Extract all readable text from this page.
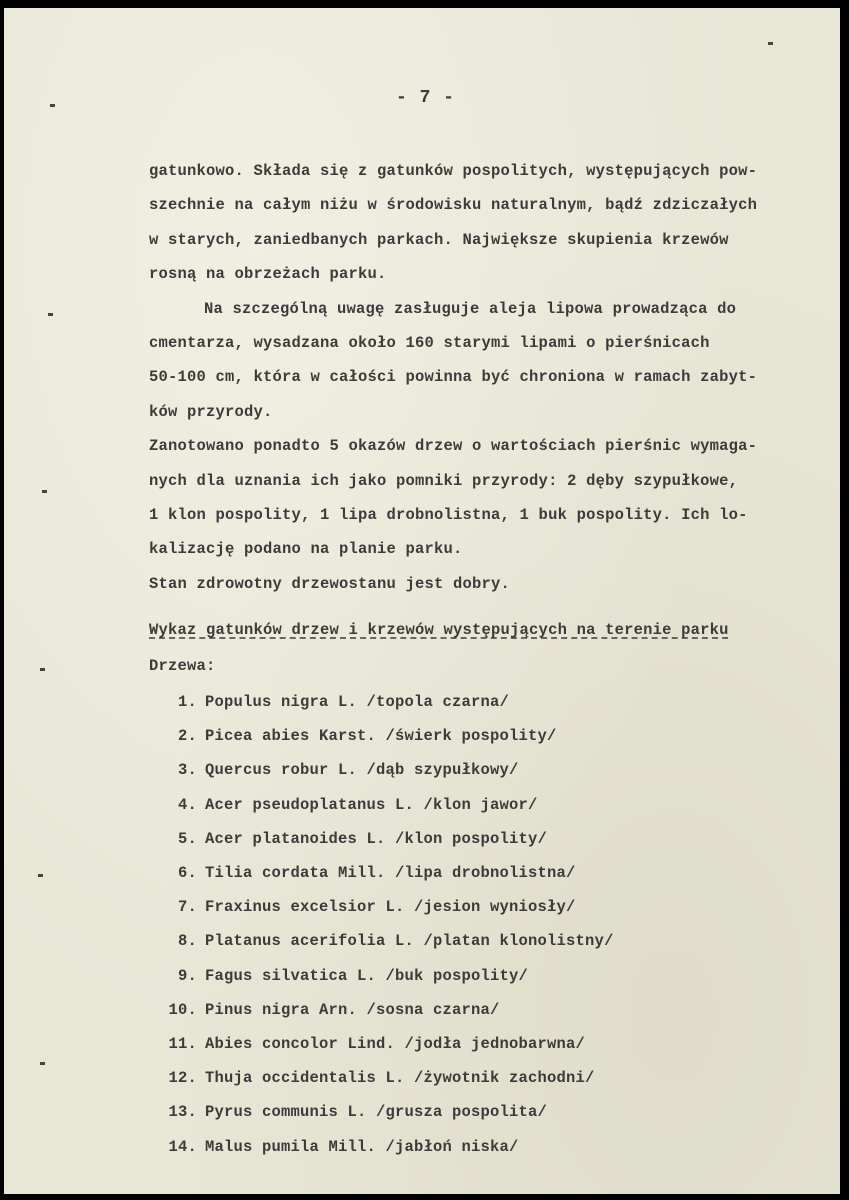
- 7 -
gatunkowo. Składa się z gatunków pospolitych, występujących pow-
szechnie na całym niżu w środowisku naturalnym, bądź zdziczałych
w starych, zaniedbanych parkach. Największe skupienia krzewów
rosną na obrzeżach parku.
Na szczególną uwagę zasługuje aleja lipowa prowadząca do
cmentarza, wysadzana około 160 starymi lipami o pierśnicach
50-100 cm, która w całości powinna być chroniona w ramach zabyt-
ków przyrody.
Zanotowano ponadto 5 okazów drzew o wartościach pierśnic wymaga-
nych dla uznania ich jako pomniki przyrody: 2 dęby szypułkowe,
1 klon pospolity, 1 lipa drobnolistna, 1 buk pospolity. Ich lo-
kalizację podano na planie parku.
Stan zdrowotny drzewostanu jest dobry.
Wykaz gatunków drzew i krzewów występujących na terenie parku
Drzewa:
1. Populus nigra L. /topola czarna/
2. Picea abies Karst. /świerk pospolity/
3. Quercus robur L. /dąb szypułkowy/
4. Acer pseudoplatanus L. /klon jawor/
5. Acer platanoides L. /klon pospolity/
6. Tilia cordata Mill. /lipa drobnolistna/
7. Fraxinus excelsior L. /jesion wyniosły/
8. Platanus acerifolia L. /platan klonolistny/
9. Fagus silvatica L. /buk pospolity/
10. Pinus nigra Arn. /sosna czarna/
11. Abies concolor Lind. /jodła jednobarwna/
12. Thuja occidentalis L. /żywotnik zachodni/
13. Pyrus communis L. /grusza pospolita/
14. Malus pumila Mill. /jabłoń niska/
